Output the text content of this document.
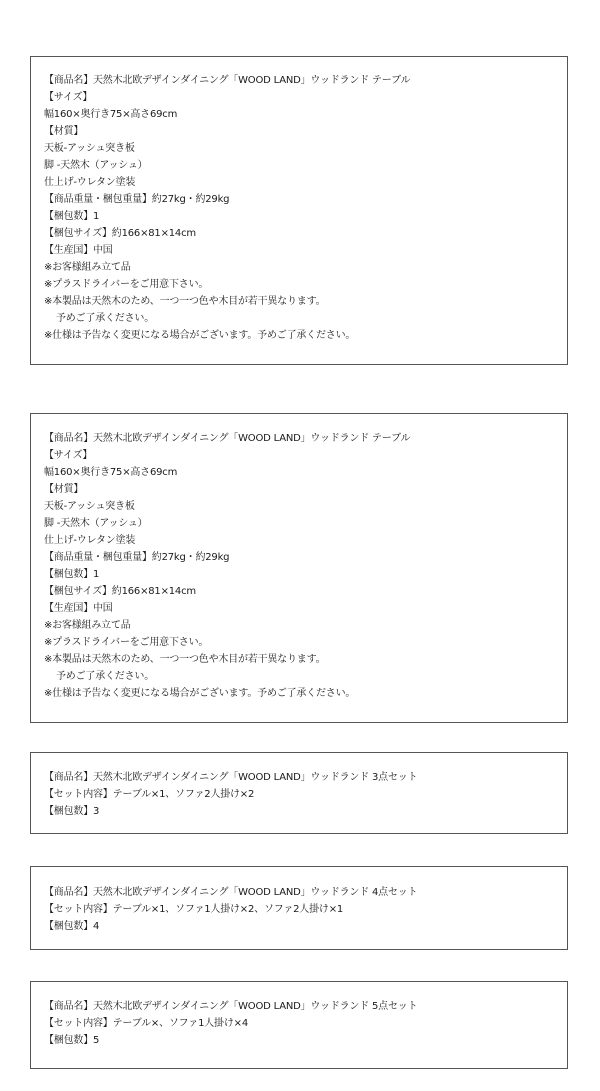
【商品名】天然木北欧デザインダイニング「WOOD LAND」ウッドランド テーブル
【サイズ】
幅160×奥行き75×高さ69cm
【材質】
天板-アッシュ突き板
脚 -天然木（アッシュ）
仕上げ-ウレタン塗装
【商品重量・梱包重量】約27kg・約29kg
【梱包数】1
【梱包サイズ】約166×81×14cm
【生産国】中国
※お客様組み立て品
※プラスドライバーをご用意下さい。
※本製品は天然木のため、一つ一つ色や木目が若干異なります。
予めご了承ください。
※仕様は予告なく変更になる場合がございます。予めご了承ください。
【商品名】天然木北欧デザインダイニング「WOOD LAND」ウッドランド テーブル
【サイズ】
幅160×奥行き75×高さ69cm
【材質】
天板-アッシュ突き板
脚 -天然木（アッシュ）
仕上げ-ウレタン塗装
【商品重量・梱包重量】約27kg・約29kg
【梱包数】1
【梱包サイズ】約166×81×14cm
【生産国】中国
※お客様組み立て品
※プラスドライバーをご用意下さい。
※本製品は天然木のため、一つ一つ色や木目が若干異なります。
予めご了承ください。
※仕様は予告なく変更になる場合がございます。予めご了承ください。
【商品名】天然木北欧デザインダイニング「WOOD LAND」ウッドランド 3点セット
【セット内容】テーブル×1、ソファ2人掛け×2
【梱包数】3
【商品名】天然木北欧デザインダイニング「WOOD LAND」ウッドランド 4点セット
【セット内容】テーブル×1、ソファ1人掛け×2、ソファ2人掛け×1
【梱包数】4
【商品名】天然木北欧デザインダイニング「WOOD LAND」ウッドランド 5点セット
【セット内容】テーブル×、ソファ1人掛け×4
【梱包数】5
